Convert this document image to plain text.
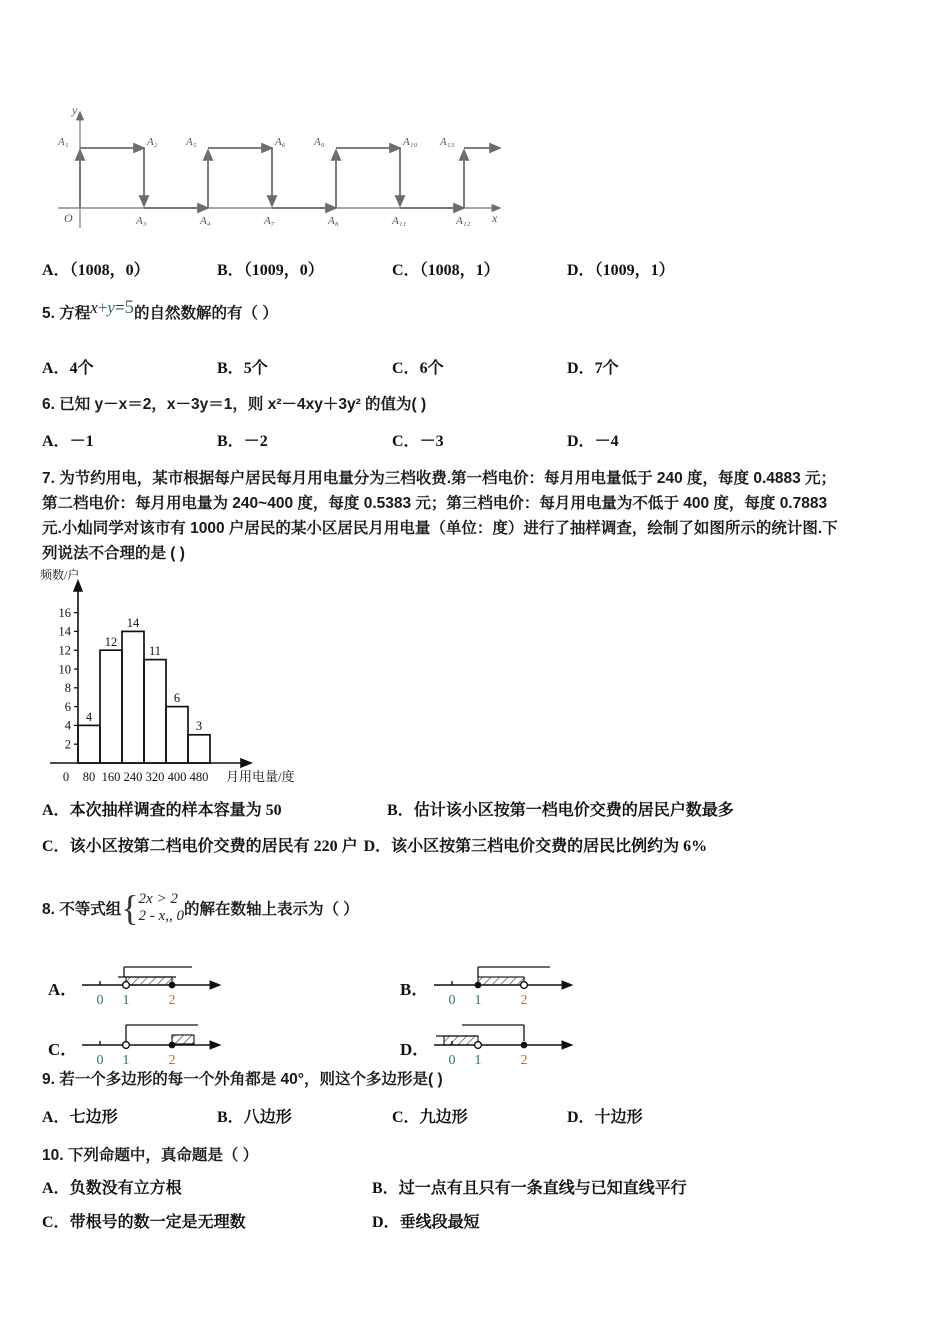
y
x
O
A₁	A₂	A₅	A₆	A₉	A₁₀ A₁₃
A₃	A₄	A₇	A₈	A₁₁	A₁₂
A．（1008，0）	B．（1009，0）	C．（1008，1）	D．（1009，1）
5. 方程x+y=5的自然数解的有（ ）
A．4个	B．5个	C．6个	D．7个
6. 已知 y－x＝2，x－3y＝1，则 x²－4xy＋3y² 的值为( )
A．－1	B．－2	C．－3	D．－4
7. 为节约用电，某市根据每户居民每月用电量分为三档收费.第一档电价：每月用电量低于 240 度，每度 0.4883 元；
第二档电价：每月用电量为 240~400 度，每度 0.5383 元；第三档电价：每月用电量为不低于 400 度，每度 0.7883
元.小灿同学对该市有 1000 户居民的某小区居民月用电量（单位：度）进行了抽样调查，绘制了如图所示的统计图.下
列说法不合理的是 ( )
频数/户
2
4
6
8
10
12
14
16
4
12
14
11
6
3
0 80 160 240 320 400 480 月用电量/度
A．本次抽样调查的样本容量为 50	B．估计该小区按第一档电价交费的居民户数最多
C．该小区按第二档电价交费的居民有 220 户 D．该小区按第三档电价交费的居民比例约为 6%
8. 不等式组{ 2x > 2
2 - x,, 0 的解在数轴上表示为（ ）
A．
0 1	2
B．
0 1	2
C．
0 1	2
D．
0 1	2
9. 若一个多边形的每一个外角都是 40°，则这个多边形是( )
A．七边形	B．八边形	C．九边形	D．十边形
10. 下列命题中，真命题是（ ）
A．负数没有立方根	B．过一点有且只有一条直线与已知直线平行
C．带根号的数一定是无理数	D．垂线段最短
